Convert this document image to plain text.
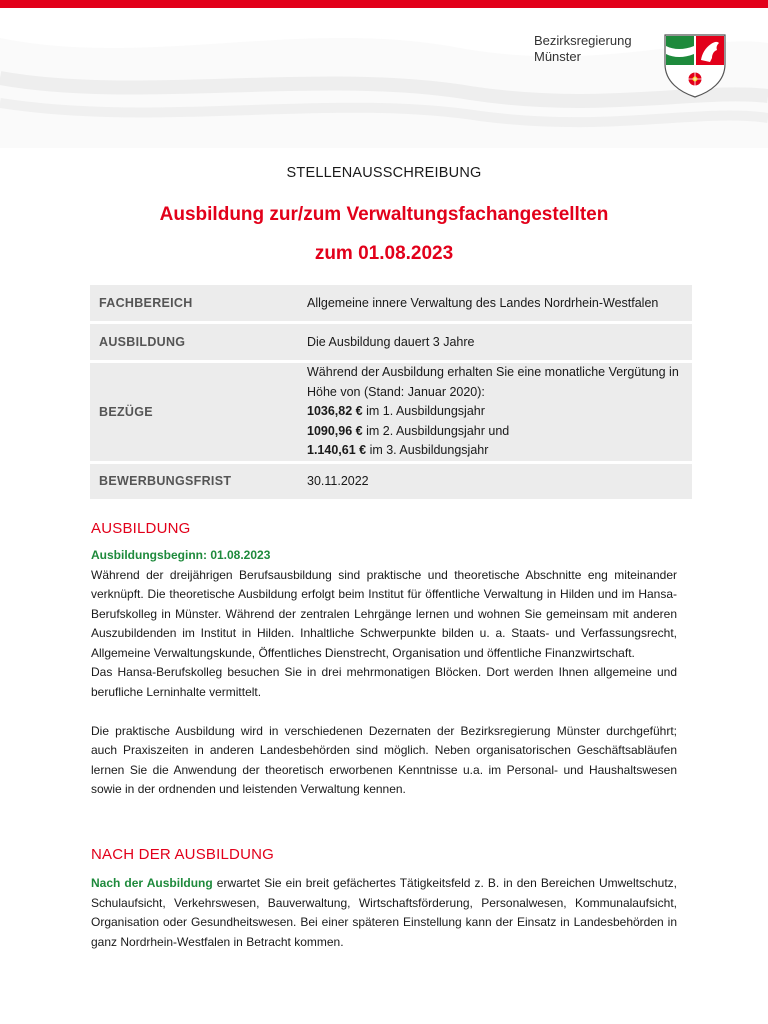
Bezirksregierung
Münster
STELLENAUSSCHREIBUNG
Ausbildung zur/zum Verwaltungsfachangestellten
zum 01.08.2023
FACHBEREICH	Allgemeine innere Verwaltung des Landes Nordrhein-Westfalen
AUSBILDUNG	Die Ausbildung dauert 3 Jahre
BEZÜGE	Während der Ausbildung erhalten Sie eine monatliche Vergütung in Höhe von (Stand: Januar 2020):
1036,82 € im 1. Ausbildungsjahr
1090,96 € im 2. Ausbildungsjahr und
1.140,61 € im 3. Ausbildungsjahr

BEWERBUNGSFRIST	30.11.2022
AUSBILDUNG
Ausbildungsbeginn: 01.08.2023
Während der dreijährigen Berufsausbildung sind praktische und theoretische Abschnitte eng miteinander verknüpft. Die theoretische Ausbildung erfolgt beim Institut für öffentliche Verwaltung in Hilden und im Hansa-Berufskolleg in Münster. Während der zentralen Lehrgänge lernen und wohnen Sie gemeinsam mit anderen Auszubildenden im Institut in Hilden. Inhaltliche Schwerpunkte bilden u. a. Staats- und Verfassungsrecht, Allgemeine Verwaltungskunde, Öffentliches Dienstrecht, Organisation und öffentliche Finanzwirtschaft.
Das Hansa-Berufskolleg besuchen Sie in drei mehrmonatigen Blöcken. Dort werden Ihnen allgemeine und berufliche Lerninhalte vermittelt.
Die praktische Ausbildung wird in verschiedenen Dezernaten der Bezirksregierung Münster durchgeführt; auch Praxiszeiten in anderen Landesbehörden sind möglich. Neben organisatorischen Geschäftsabläufen lernen Sie die Anwendung der theoretisch erworbenen Kenntnisse u.a. im Personal- und Haushaltswesen sowie in der ordnenden und leistenden Verwaltung kennen.
NACH DER AUSBILDUNG
Nach der Ausbildung erwartet Sie ein breit gefächertes Tätigkeitsfeld z. B. in den Bereichen Umweltschutz, Schulaufsicht, Verkehrswesen, Bauverwaltung, Wirtschaftsförderung, Personalwesen, Kommunalaufsicht, Organisation oder Gesundheitswesen. Bei einer späteren Einstellung kann der Einsatz in Landesbehörden in ganz Nordrhein-Westfalen in Betracht kommen.
